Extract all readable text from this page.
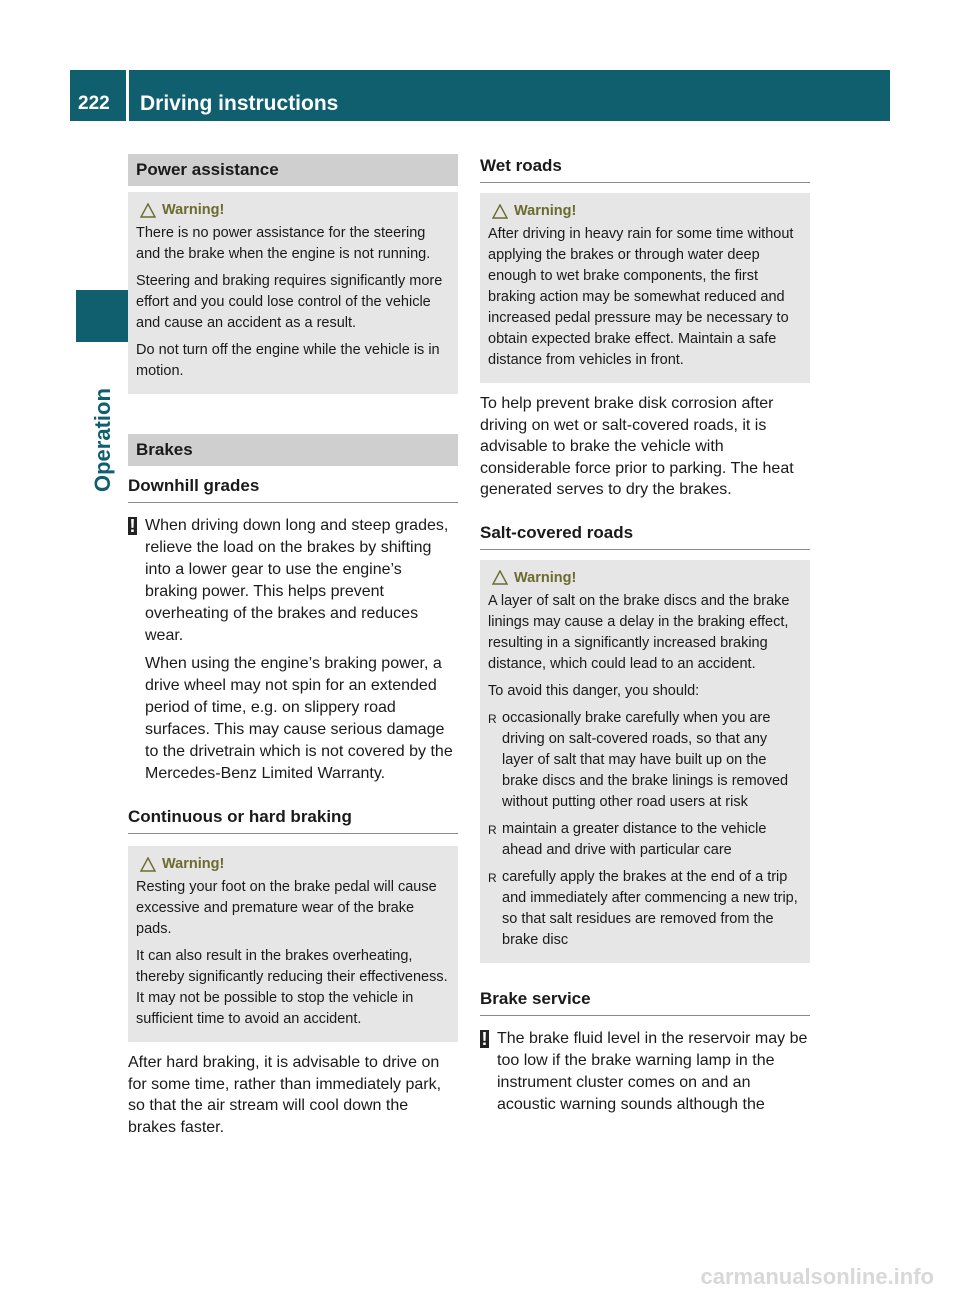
222 Driving instructions
Operation
Power assistance
Warning!

There is no power assistance for the steering and the brake when the engine is not running.

Steering and braking requires significantly more effort and you could lose control of the vehicle and cause an accident as a result.

Do not turn off the engine while the vehicle is in motion.

Brakes
Downhill grades
! When driving down long and steep grades, relieve the load on the brakes by shifting into a lower gear to use the engine’s braking power. This helps prevent overheating of the brakes and reduces wear.

When using the engine’s braking power, a drive wheel may not spin for an extended period of time, e.g. on slippery road surfaces. This may cause serious damage to the drivetrain which is not covered by the Mercedes-Benz Limited Warranty.

Continuous or hard braking
Warning!

Resting your foot on the brake pedal will cause excessive and premature wear of the brake pads.

It can also result in the brakes overheating, thereby significantly reducing their effectiveness. It may not be possible to stop the vehicle in sufficient time to avoid an accident.

After hard braking, it is advisable to drive on for some time, rather than immediately park, so that the air stream will cool down the brakes faster.
Wet roads
Warning!

After driving in heavy rain for some time without applying the brakes or through water deep enough to wet brake components, the first braking action may be somewhat reduced and increased pedal pressure may be necessary to obtain expected brake effect. Maintain a safe distance from vehicles in front.

To help prevent brake disk corrosion after driving on wet or salt-covered roads, it is advisable to brake the vehicle with considerable force prior to parking. The heat generated serves to dry the brakes.
Salt-covered roads
Warning!

A layer of salt on the brake discs and the brake linings may cause a delay in the braking effect, resulting in a significantly increased braking distance, which could lead to an accident.

To avoid this danger, you should:

R occasionally brake carefully when you are driving on salt-covered roads, so that any layer of salt that may have built up on the brake discs and the brake linings is removed without putting other road users at risk
R maintain a greater distance to the vehicle ahead and drive with particular care
R carefully apply the brakes at the end of a trip and immediately after commencing a new trip, so that salt residues are removed from the brake disc
Brake service
! The brake fluid level in the reservoir may be too low if the brake warning lamp in the instrument cluster comes on and an acoustic warning sounds although the

carmanualsonline.info
